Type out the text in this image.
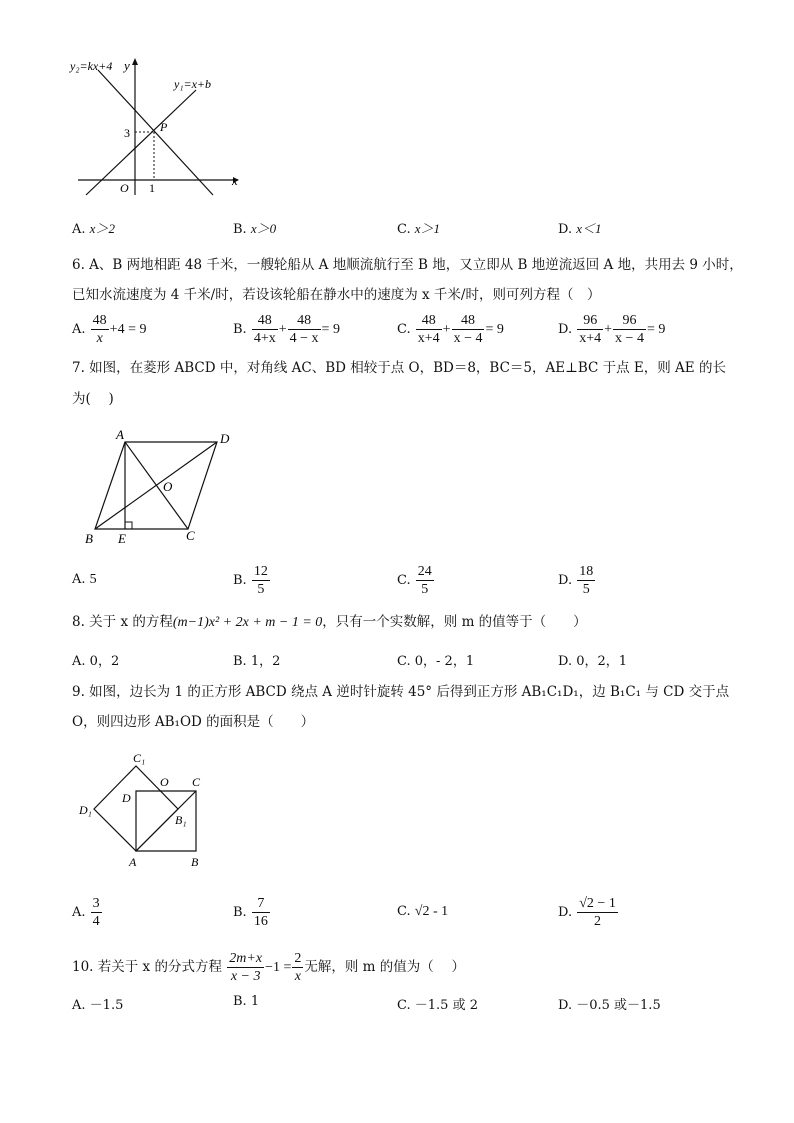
y₂=kx+4 y
y₁=x+b
x
O
3
1
P
A. x＞2	B. x＞0	C. x＞1	D. x＜1
6. A、B 两地相距 48 千米，一艘轮船从 A 地顺流航行至 B 地，又立即从 B 地逆流返回 A 地，共用去 9 小时，
已知水流速度为 4 千米/时，若设该轮船在静水中的速度为 x 千米/时，则可列方程（　）
A. $\frac{48}{x} +4 = 9$	B. $\frac{48}{4+x} + \frac{48}{4 - x} = 9$	C. $\frac{48}{x+4} + \frac{48}{x - 4} = 9$	D. $\frac{96}{x+4} + \frac{96}{x - 4} = 9$
7. 如图，在菱形 ABCD 中，对角线 AC、BD 相较于点 O，BD＝8，BC＝5，AE⊥BC 于点 E，则 AE 的长
为(　 )
A	D
O
B E	C
A. 5	B. $\frac{12}{5}$	C. $\frac{24}{5}$	D. $\frac{18}{5}$
8. 关于 x 的方程(m−1)x² + 2x + m − 1 = 0，只有一个实数解，则 m 的值等于（　　）
A. 0，2	B. 1，2	C. 0，- 2，1	D. 0，2，1
9. 如图，边长为 1 的正方形 ABCD 绕点 A 逆时针旋转 45° 后得到正方形 AB₁C₁D₁，边 B₁C₁ 与 CD 交于点
O，则四边形 AB₁OD 的面积是（　　）
C₁
O C
D
D₁
B₁
A	B
A. $\frac{3}{4}$	B. $\frac{7}{16}$	C. √2 - 1	D. $\frac{√2 - 1}{2}$
10. 若关于 x 的分式方程 $\frac{2m+x}{x - 3} -1 = \frac{2}{x}$ 无解，则 m 的值为（　 ）
A. －1.5	B. 1	C. －1.5 或 2	D. －0.5 或－1.5
